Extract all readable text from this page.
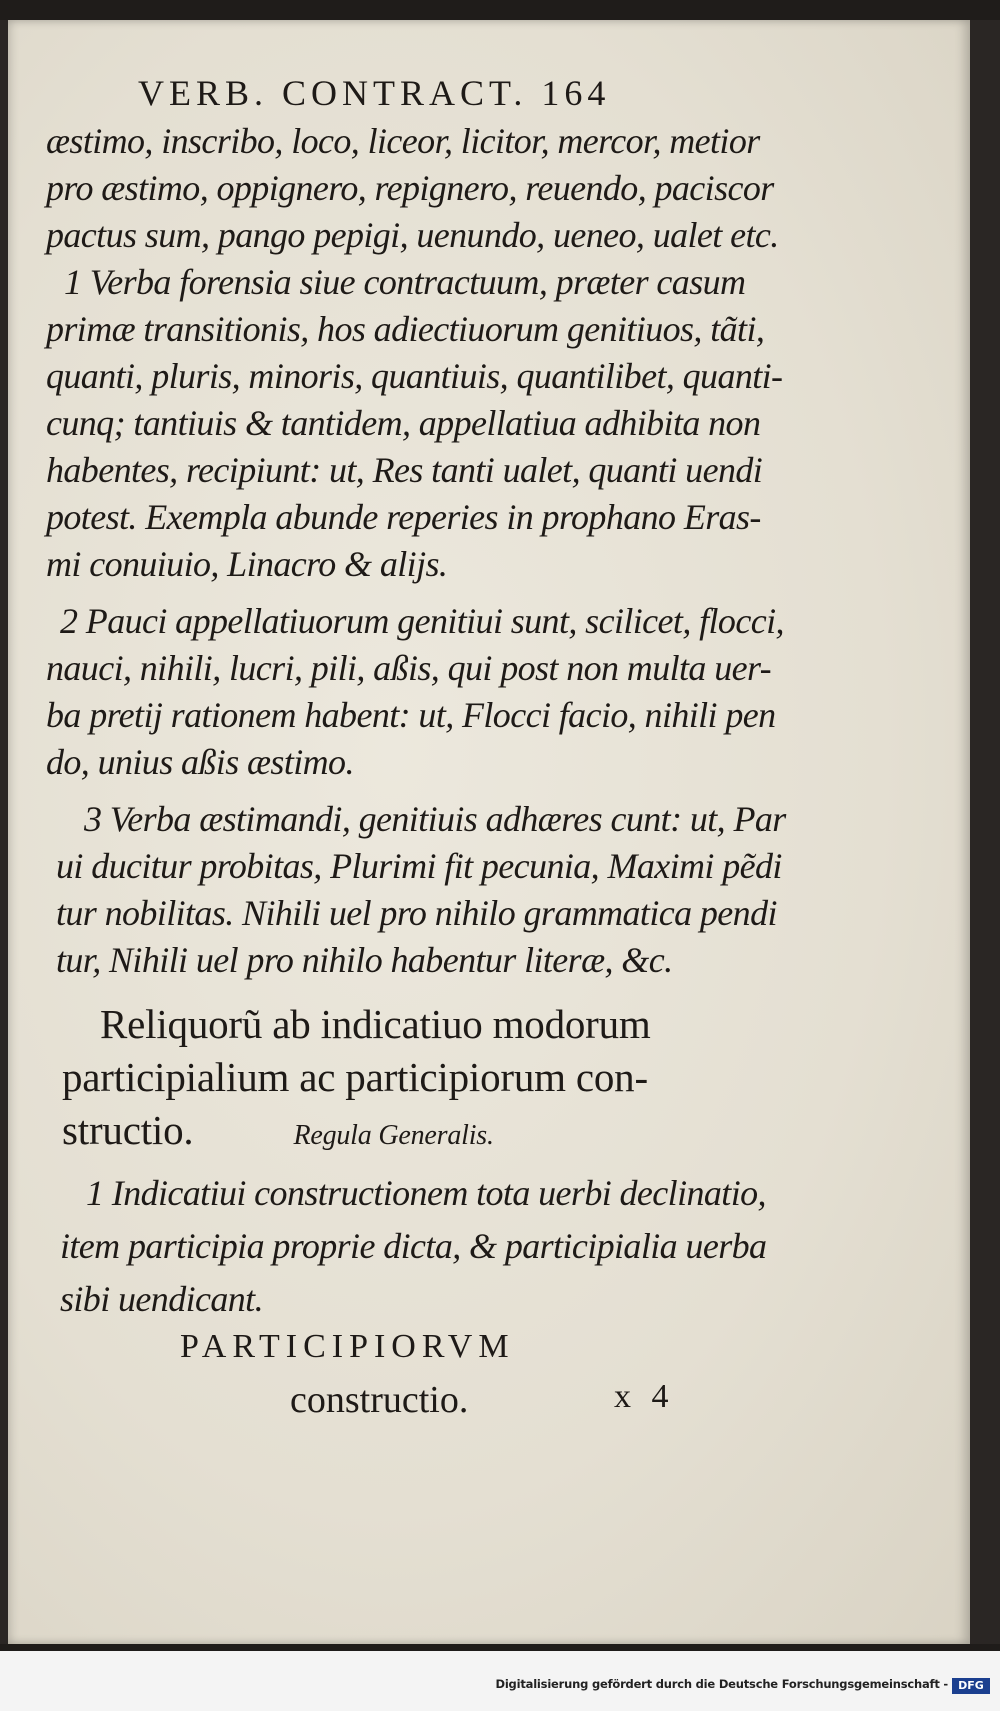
VERB. CONTRACT. 164
æstimo, inscribo, loco, liceor, licitor, mercor, metior
pro æstimo, oppignero, repignero, reuendo, paciscor
pactus sum, pango pepigi, uenundo, ueneo, ualet etc.
1 Verba forensia siue contractuum, præter casum
primæ transitionis, hos adiectiuorum genitiuos, tãti,
quanti, pluris, minoris, quantiuis, quantilibet, quanti-
cunq; tantiuis & tantidem, appellatiua adhibita non
habentes, recipiunt: ut, Res tanti ualet, quanti uendi
potest. Exempla abunde reperies in prophano Eras-
mi conuiuio, Linacro & alijs.
2 Pauci appellatiuorum genitiui sunt, scilicet, flocci,
nauci, nihili, lucri, pili, aßis, qui post non multa uer-
ba pretij rationem habent: ut, Flocci facio, nihili pen
do, unius aßis æstimo.
3 Verba æstimandi, genitiuis adhæres cunt: ut, Par
ui ducitur probitas, Plurimi fit pecunia, Maximi pẽdi
tur nobilitas. Nihili uel pro nihilo grammatica pendi
tur, Nihili uel pro nihilo habentur literæ, &c.
Reliquorũ ab indicatiuo modorum
participialium ac participiorum con-
structio.	Regula Generalis.
1 Indicatiui constructionem tota uerbi declinatio,
item participia proprie dicta, & participialia uerba
sibi uendicant.
PARTICIPIORVM
constructio.	x 4
Digitalisierung gefördert durch die Deutsche Forschungsgemeinschaft - DFG
